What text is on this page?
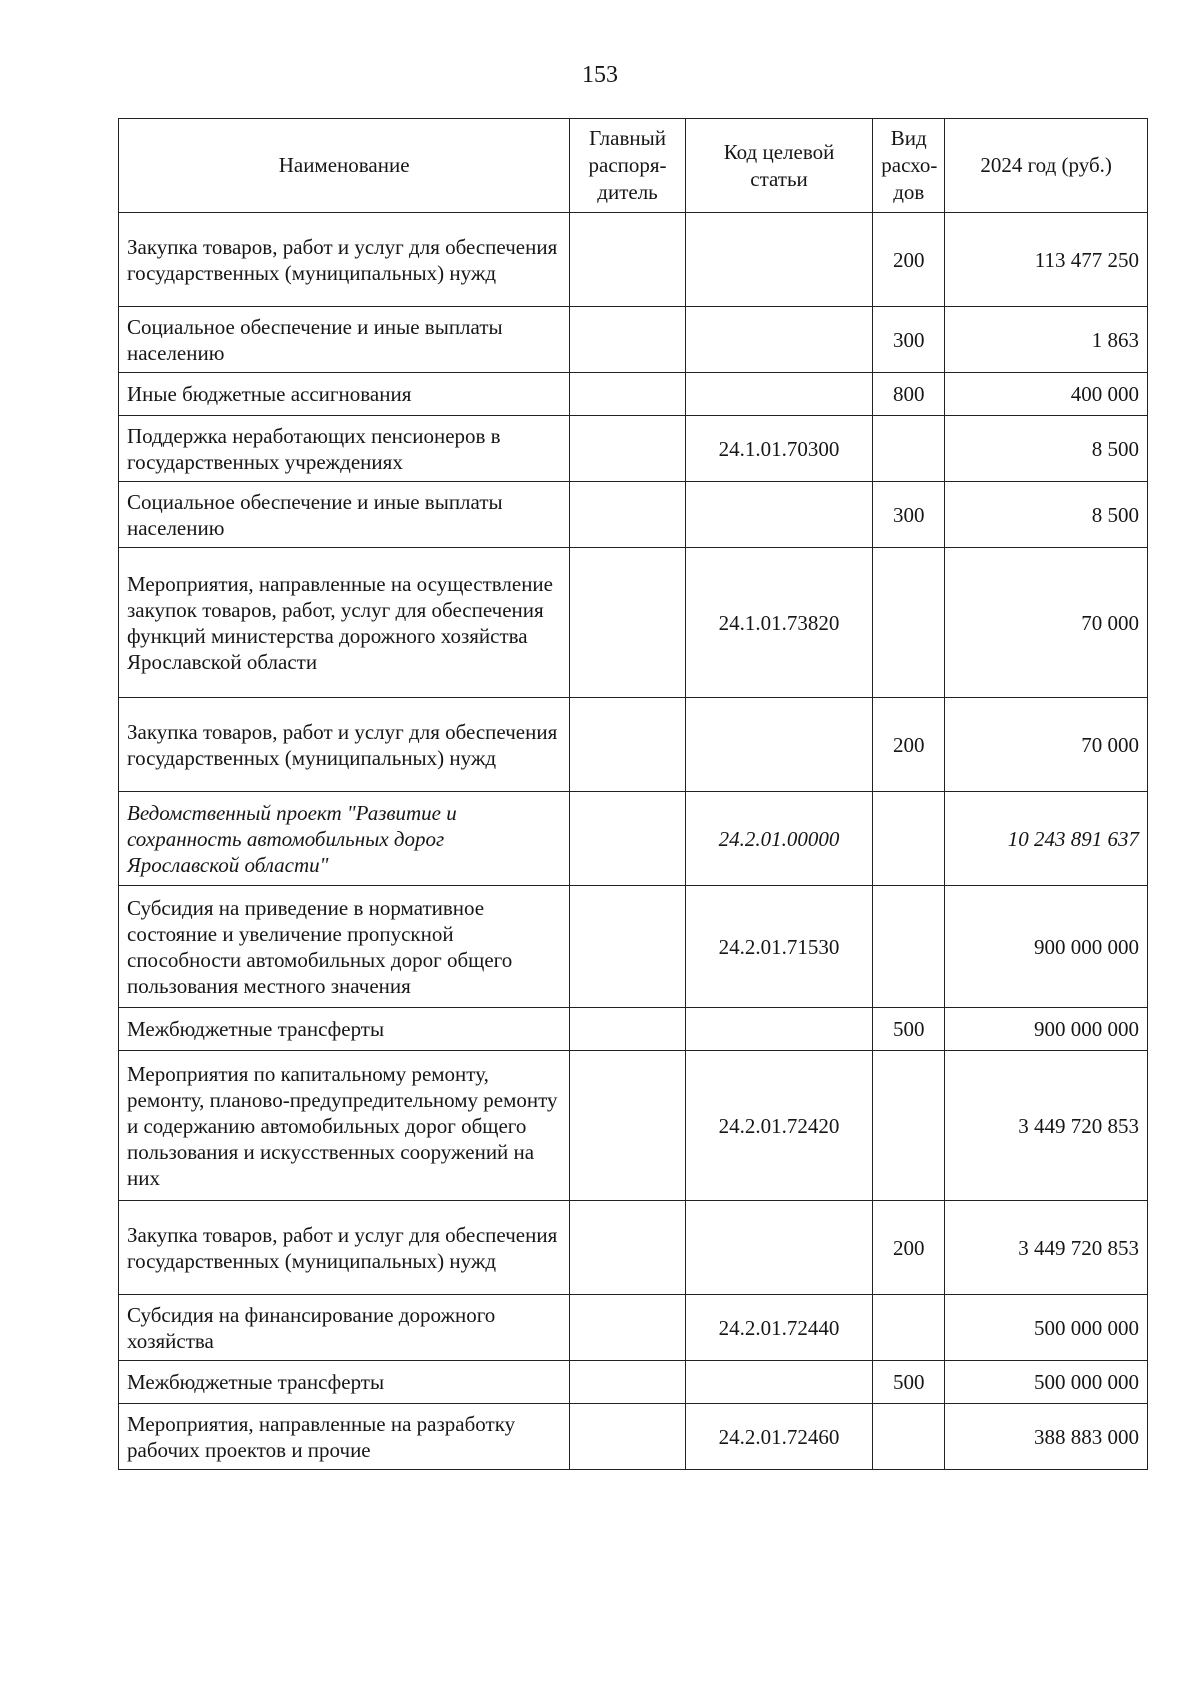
153
Наименование	Главный распоря-дитель	Код целевой статьи	Вид расхо-дов	2024 год (руб.)
Закупка товаров, работ и услуг для обеспечения государственных (муниципальных) нужд			200	113 477 250
Социальное обеспечение и иные выплаты населению			300	1 863
Иные бюджетные ассигнования			800	400 000
Поддержка неработающих пенсионеров в государственных учреждениях		24.1.01.70300		8 500
Социальное обеспечение и иные выплаты населению			300	8 500
Мероприятия, направленные на осуществление закупок товаров, работ, услуг для обеспечения функций министерства дорожного хозяйства Ярославской области		24.1.01.73820		70 000
Закупка товаров, работ и услуг для обеспечения государственных (муниципальных) нужд			200	70 000
Ведомственный проект "Развитие и сохранность автомобильных дорог Ярославской области"		24.2.01.00000		10 243 891 637
Субсидия на приведение в нормативное состояние и увеличение пропускной способности автомобильных дорог общего пользования местного значения		24.2.01.71530		900 000 000
Межбюджетные трансферты			500	900 000 000
Мероприятия по капитальному ремонту, ремонту, планово-предупредительному ремонту и содержанию автомобильных дорог общего пользования и искусственных сооружений на них		24.2.01.72420		3 449 720 853
Закупка товаров, работ и услуг для обеспечения государственных (муниципальных) нужд			200	3 449 720 853
Субсидия на финансирование дорожного хозяйства		24.2.01.72440		500 000 000
Межбюджетные трансферты			500	500 000 000
Мероприятия, направленные на разработку рабочих проектов и прочие		24.2.01.72460		388 883 000
